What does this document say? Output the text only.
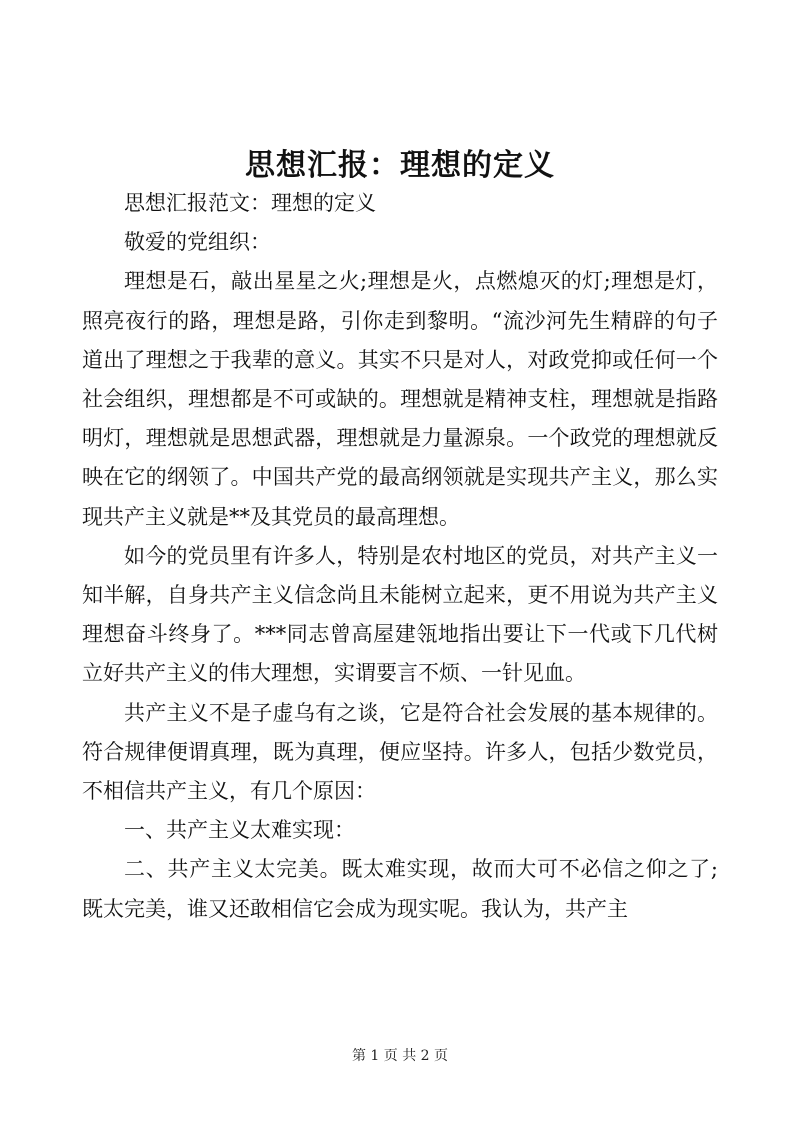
思想汇报：理想的定义

思想汇报范文：理想的定义

敬爱的党组织：

理想是石，敲出星星之火;理想是火，点燃熄灭的灯;理想是灯，照亮夜行的路，理想是路，引你走到黎明。“流沙河先生精辟的句子道出了理想之于我辈的意义。其实不只是对人，对政党抑或任何一个社会组织，理想都是不可或缺的。理想就是精神支柱，理想就是指路明灯，理想就是思想武器，理想就是力量源泉。一个政党的理想就反映在它的纲领了。中国共产党的最高纲领就是实现共产主义，那么实现共产主义就是**及其党员的最高理想。

如今的党员里有许多人，特别是农村地区的党员，对共产主义一知半解，自身共产主义信念尚且未能树立起来，更不用说为共产主义理想奋斗终身了。***同志曾高屋建瓴地指出要让下一代或下几代树立好共产主义的伟大理想，实谓要言不烦、一针见血。

共产主义不是子虚乌有之谈，它是符合社会发展的基本规律的。符合规律便谓真理，既为真理，便应坚持。许多人，包括少数党员，不相信共产主义，有几个原因：

一、共产主义太难实现：

二、共产主义太完美。既太难实现，故而大可不必信之仰之了;既太完美，谁又还敢相信它会成为现实呢。我认为，共产主

第 1 页 共 2 页
